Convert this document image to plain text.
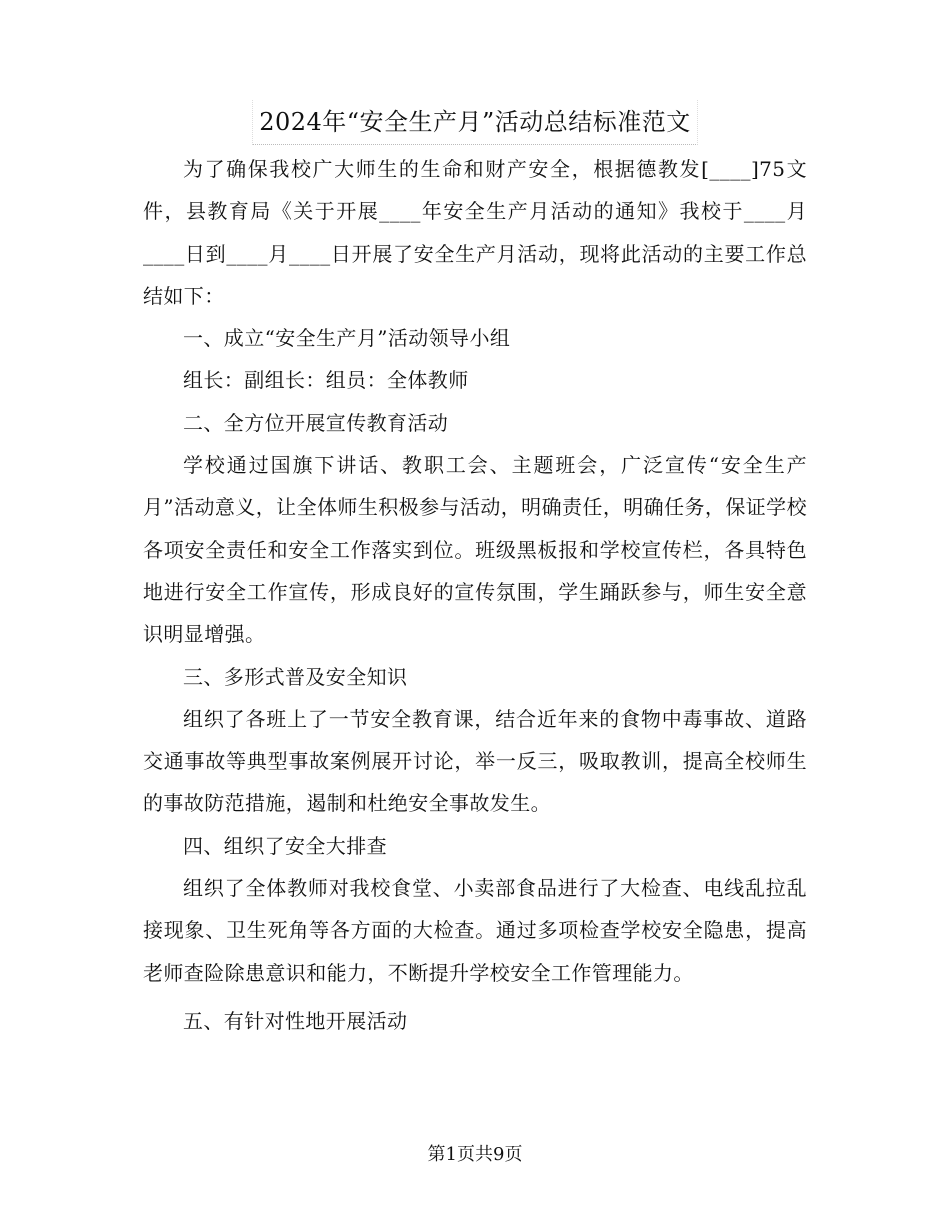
2024年“安全生产月”活动总结标准范文

为了确保我校广大师生的生命和财产安全，根据德教发[____]75文件，县教育局《关于开展____年安全生产月活动的通知》我校于____月____日到____月____日开展了安全生产月活动，现将此活动的主要工作总结如下：

一、成立“安全生产月”活动领导小组

组长：副组长：组员：全体教师

二、全方位开展宣传教育活动

学校通过国旗下讲话、教职工会、主题班会，广泛宣传“安全生产月”活动意义，让全体师生积极参与活动，明确责任，明确任务，保证学校各项安全责任和安全工作落实到位。班级黑板报和学校宣传栏，各具特色地进行安全工作宣传，形成良好的宣传氛围，学生踊跃参与，师生安全意识明显增强。

三、多形式普及安全知识

组织了各班上了一节安全教育课，结合近年来的食物中毒事故、道路交通事故等典型事故案例展开讨论，举一反三，吸取教训，提高全校师生的事故防范措施，遏制和杜绝安全事故发生。

四、组织了安全大排查

组织了全体教师对我校食堂、小卖部食品进行了大检查、电线乱拉乱接现象、卫生死角等各方面的大检查。通过多项检查学校安全隐患，提高老师查险除患意识和能力，不断提升学校安全工作管理能力。

五、有针对性地开展活动

第1页共9页
